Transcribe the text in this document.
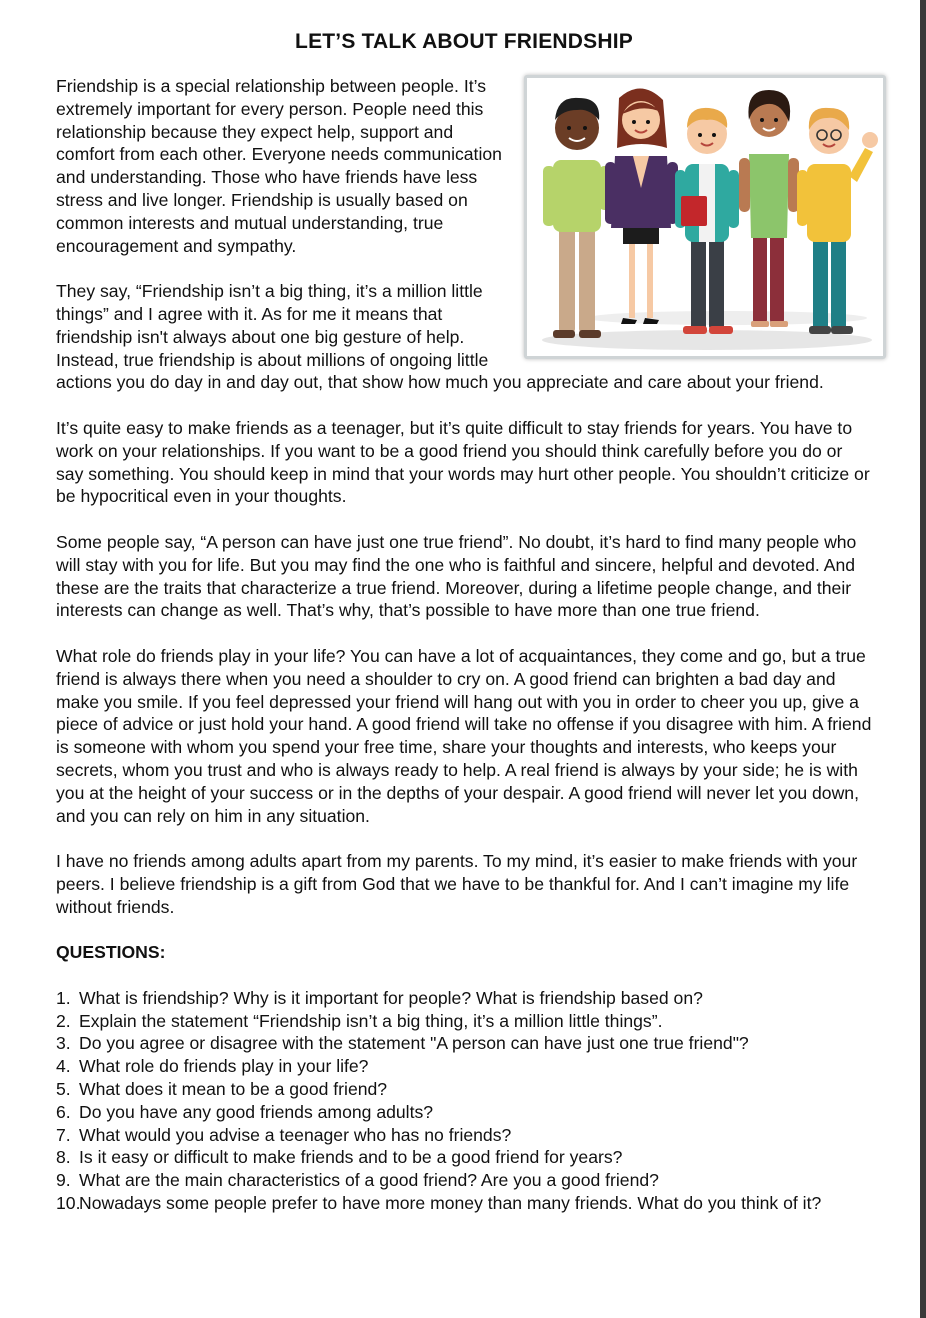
LET’S TALK ABOUT FRIENDSHIP

Friendship is a special relationship between people. It’s extremely important for every person. People need this relationship because they expect help, support and comfort from each other. Everyone needs communication and understanding. Those who have friends have less stress and live longer. Friendship is usually based on common interests and mutual understanding, true encouragement and sympathy.

They say, “Friendship isn’t a big thing, it’s a million little things” and I agree with it. As for me it means that friendship isn't always about one big gesture of help. Instead, true friendship is about millions of ongoing little actions you do day in and day out, that show how much you appreciate and care about your friend.

It’s quite easy to make friends as a teenager, but it’s quite difficult to stay friends for years. You have to work on your relationships. If you want to be a good friend you should think carefully before you do or say something. You should keep in mind that your words may hurt other people. You shouldn’t criticize or be hypocritical even in your thoughts.

Some people say, “A person can have just one true friend”. No doubt, it’s hard to find many people who will stay with you for life. But you may find the one who is faithful and sincere, helpful and devoted. And these are the traits that characterize a true friend. Moreover, during a lifetime people change, and their interests can change as well. That’s why, that’s possible to have more than one true friend.

What role do friends play in your life? You can have a lot of acquaintances, they come and go, but a true friend is always there when you need a shoulder to cry on. A good friend can brighten a bad day and make you smile. If you feel depressed your friend will hang out with you in order to cheer you up, give a piece of advice or just hold your hand. A good friend will take no offense if you disagree with him. A friend is someone with whom you spend your free time, share your thoughts and interests, who keeps your secrets, whom you trust and who is always ready to help. A real friend is always by your side; he is with you at the height of your success or in the depths of your despair. A good friend will never let you down, and you can rely on him in any situation.

I have no friends among adults apart from my parents. To my mind, it’s easier to make friends with your peers. I believe friendship is a gift from God that we have to be thankful for. And I can’t imagine my life without friends.

QUESTIONS:
1. What is friendship? Why is it important for people? What is friendship based on?
2. Explain the statement “Friendship isn’t a big thing, it’s a million little things”.
3. Do you agree or disagree with the statement "A person can have just one true friend"?
4. What role do friends play in your life?
5. What does it mean to be a good friend?
6. Do you have any good friends among adults?
7. What would you advise a teenager who has no friends?
8. Is it easy or difficult to make friends and to be a good friend for years?
9. What are the main characteristics of a good friend? Are you a good friend?
10.
Nowadays some people prefer to have more money than many friends. What do you think of it?
